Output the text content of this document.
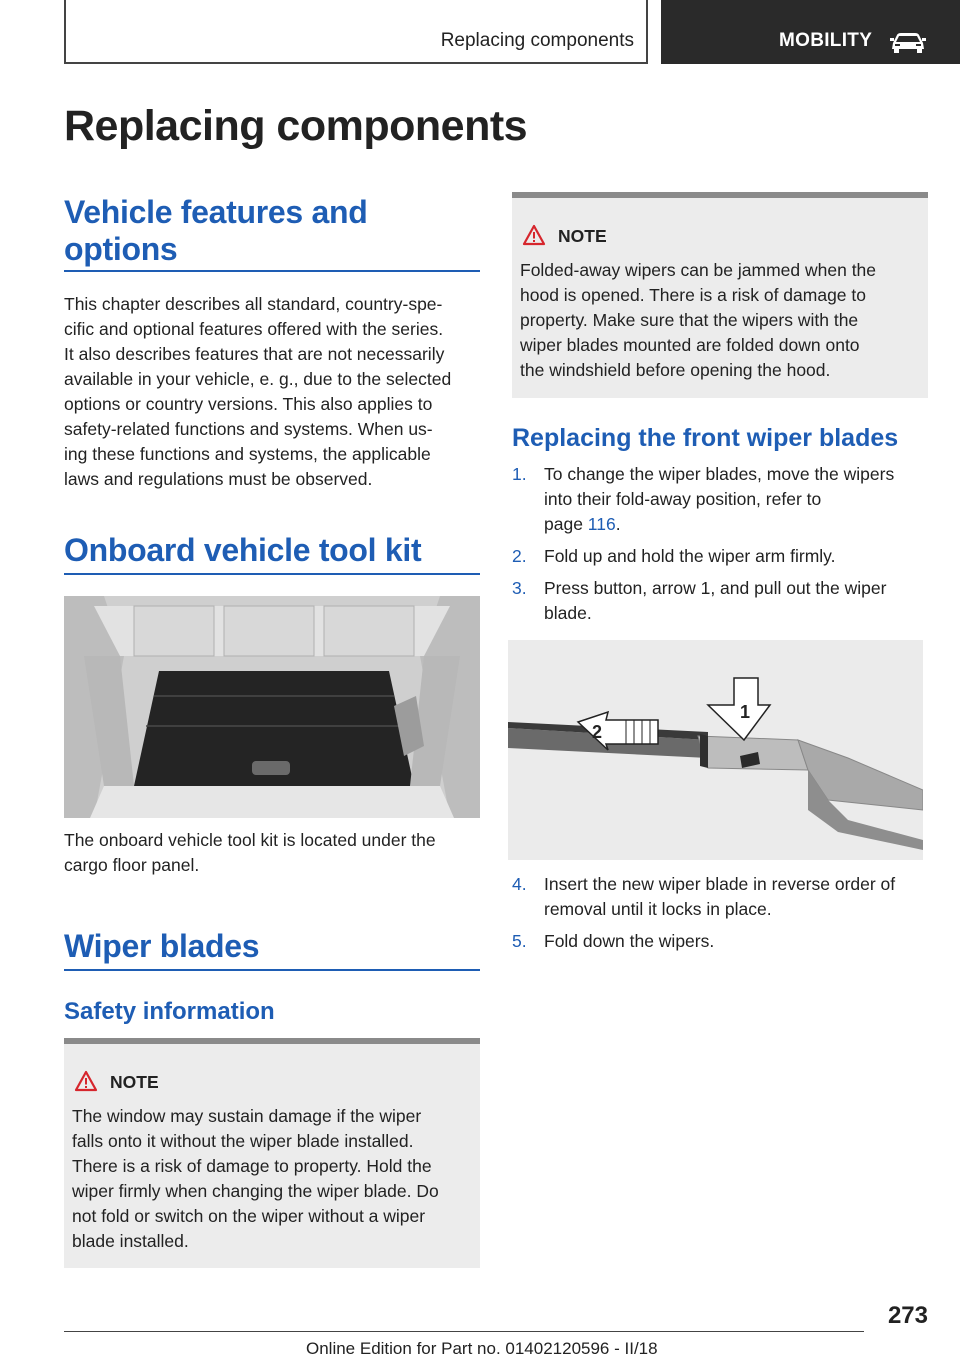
Replacing components	MOBILITY
Replacing components
Vehicle features and
options
This chapter describes all standard, country-spe‐
cific and optional features offered with the series.
It also describes features that are not necessarily
available in your vehicle, e. g., due to the selected
options or country versions. This also applies to
safety-related functions and systems. When us‐
ing these functions and systems, the applicable
laws and regulations must be observed.
Onboard vehicle tool kit
The onboard vehicle tool kit is located under the
cargo floor panel.
Wiper blades
Safety information
NOTE
The window may sustain damage if the wiper
falls onto it without the wiper blade installed.
There is a risk of damage to property. Hold the
wiper firmly when changing the wiper blade. Do
not fold or switch on the wiper without a wiper
blade installed.
NOTE
Folded-away wipers can be jammed when the
hood is opened. There is a risk of damage to
property. Make sure that the wipers with the
wiper blades mounted are folded down onto
the windshield before opening the hood.
Replacing the front wiper blades
1. To change the wiper blades, move the wipers
into their fold-away position, refer to
page 116.
2. Fold up and hold the wiper arm firmly.
3. Press button, arrow 1, and pull out the wiper
blade.
2
1
4. Insert the new wiper blade in reverse order of
removal until it locks in place.
5. Fold down the wipers.
273
Online Edition for Part no. 01402120596 - II/18
